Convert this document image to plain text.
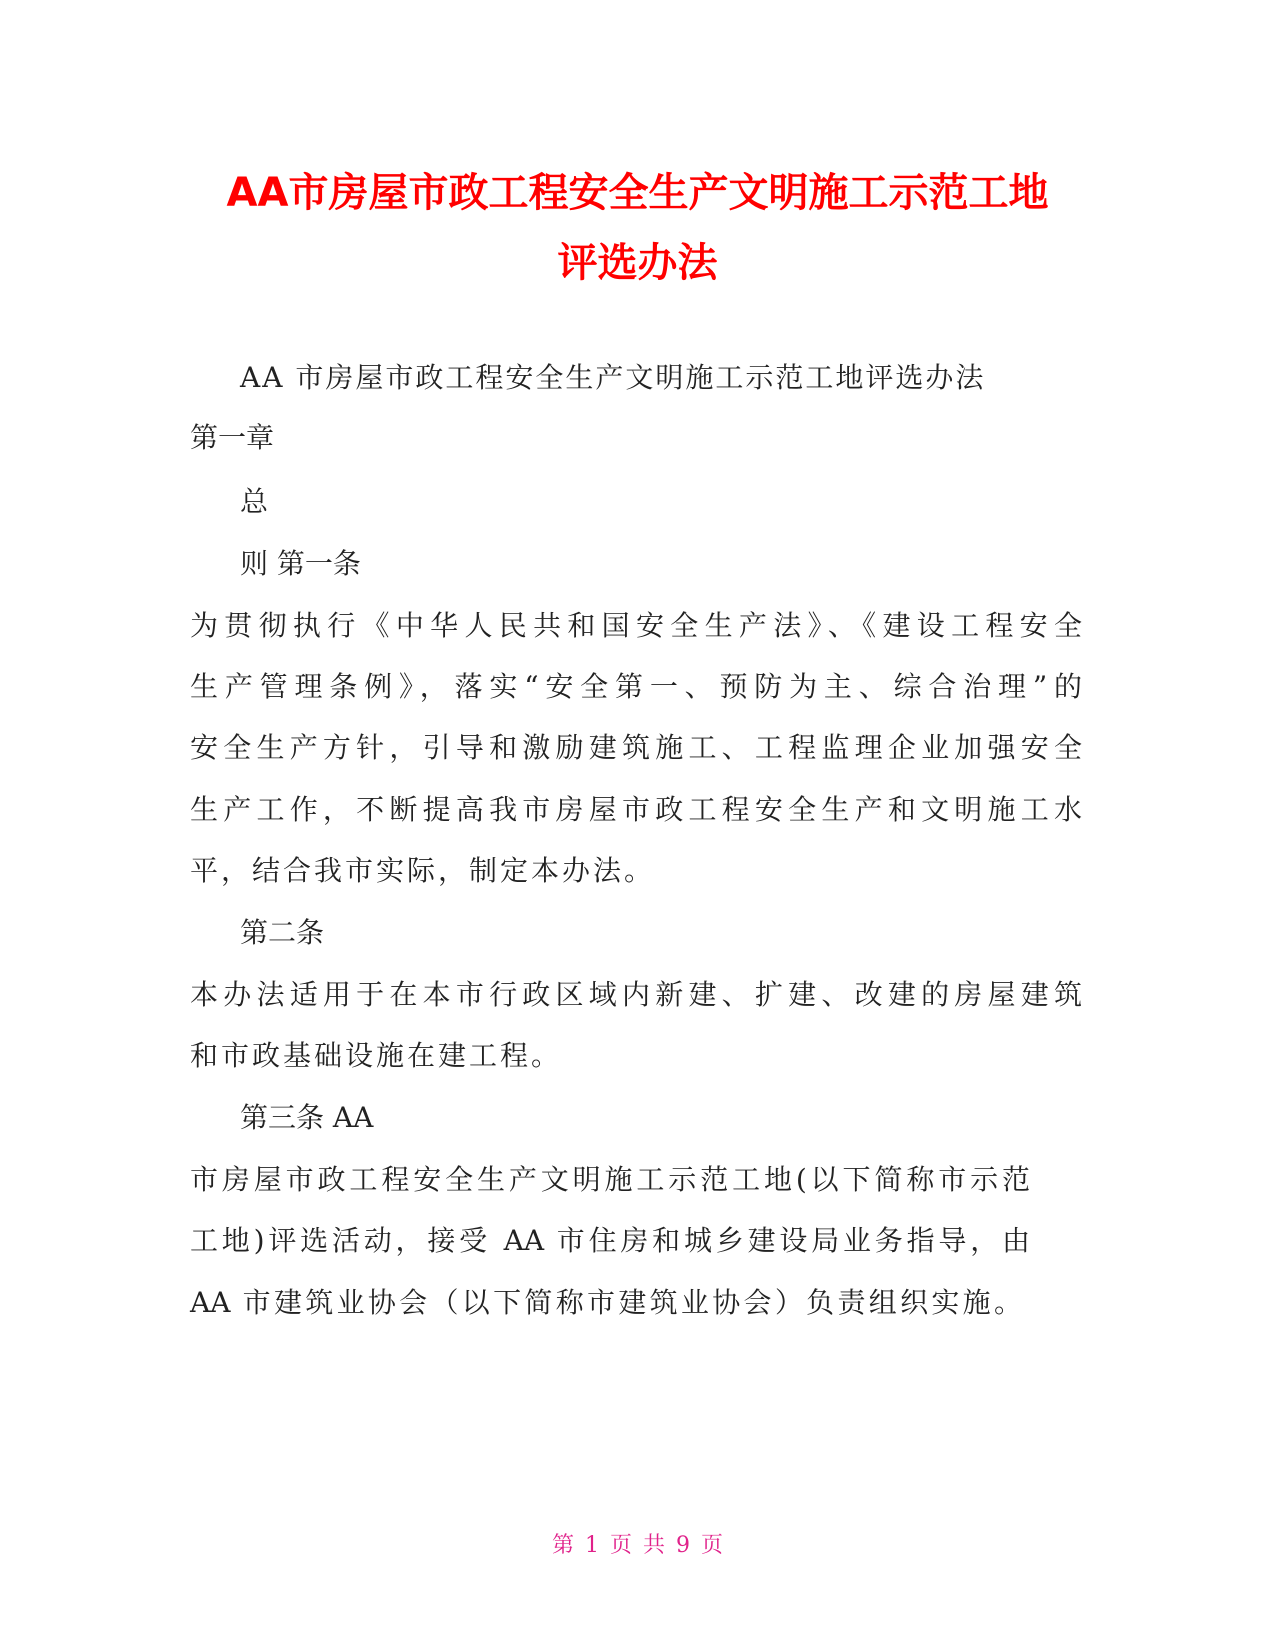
AA市房屋市政工程安全生产文明施工示范工地
评选办法
AA 市房屋市政工程安全生产文明施工示范工地评选办法
第一章
总
则 第一条
为贯彻执行《中华人民共和国安全生产法》、《建设工程安全
生产管理条例》，落实“安全第一、预防为主、综合治理”的
安全生产方针，引导和激励建筑施工、工程监理企业加强安全
生产工作，不断提高我市房屋市政工程安全生产和文明施工水
平，结合我市实际，制定本办法。
第二条
本办法适用于在本市行政区域内新建、扩建、改建的房屋建筑
和市政基础设施在建工程。
第三条 AA
市房屋市政工程安全生产文明施工示范工地(以下简称市示范
工地)评选活动，接受 AA 市住房和城乡建设局业务指导，由
AA 市建筑业协会（以下简称市建筑业协会）负责组织实施。
第 1 页 共 9 页
